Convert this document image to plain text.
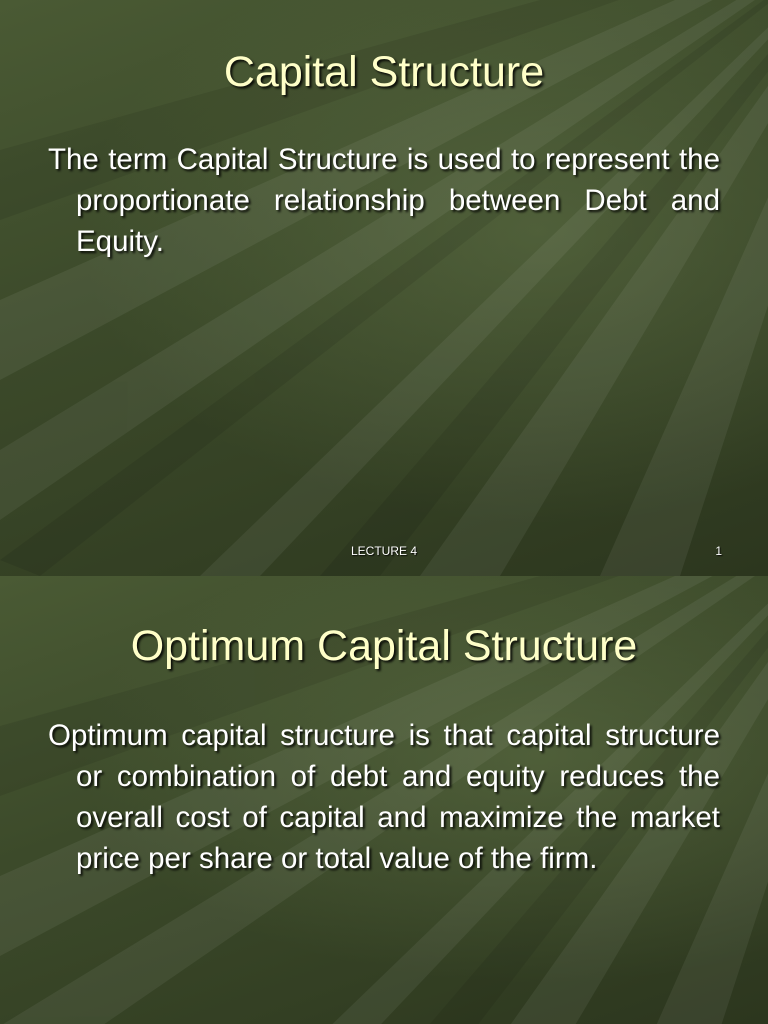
Capital Structure

The term Capital Structure is used to represent the proportionate relationship between Debt and Equity.

LECTURE 4	1
Optimum Capital Structure

Optimum capital structure is that capital structure or combination of debt and equity reduces the overall cost of capital and maximize the market price per share or total value of the firm.
